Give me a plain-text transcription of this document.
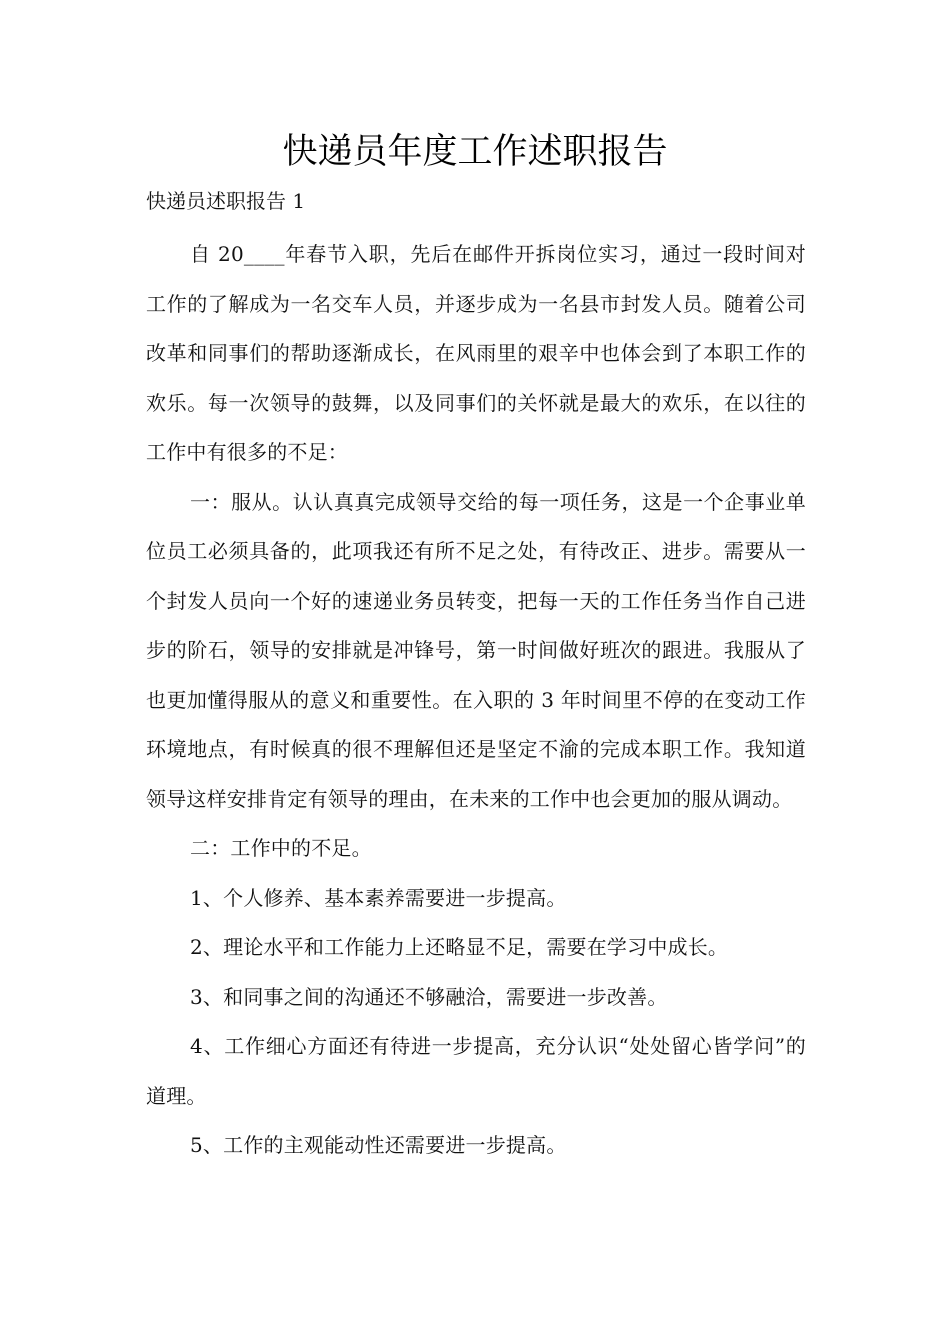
快递员年度工作述职报告

快递员述职报告 1

自 20____年春节入职，先后在邮件开拆岗位实习，通过一段时间对工作的了解成为一名交车人员，并逐步成为一名县市封发人员。随着公司改革和同事们的帮助逐渐成长，在风雨里的艰辛中也体会到了本职工作的欢乐。每一次领导的鼓舞，以及同事们的关怀就是最大的欢乐，在以往的工作中有很多的不足：

一：服从。认认真真完成领导交给的每一项任务，这是一个企事业单位员工必须具备的，此项我还有所不足之处，有待改正、进步。需要从一个封发人员向一个好的速递业务员转变，把每一天的工作任务当作自己进步的阶石，领导的安排就是冲锋号，第一时间做好班次的跟进。我服从了也更加懂得服从的意义和重要性。在入职的 3 年时间里不停的在变动工作环境地点，有时候真的很不理解但还是坚定不渝的完成本职工作。我知道领导这样安排肯定有领导的理由，在未来的工作中也会更加的服从调动。

二：工作中的不足。

1、个人修养、基本素养需要进一步提高。

2、理论水平和工作能力上还略显不足，需要在学习中成长。

3、和同事之间的沟通还不够融洽，需要进一步改善。

4、工作细心方面还有待进一步提高，充分认识“处处留心皆学问”的道理。

5、工作的主观能动性还需要进一步提高。
